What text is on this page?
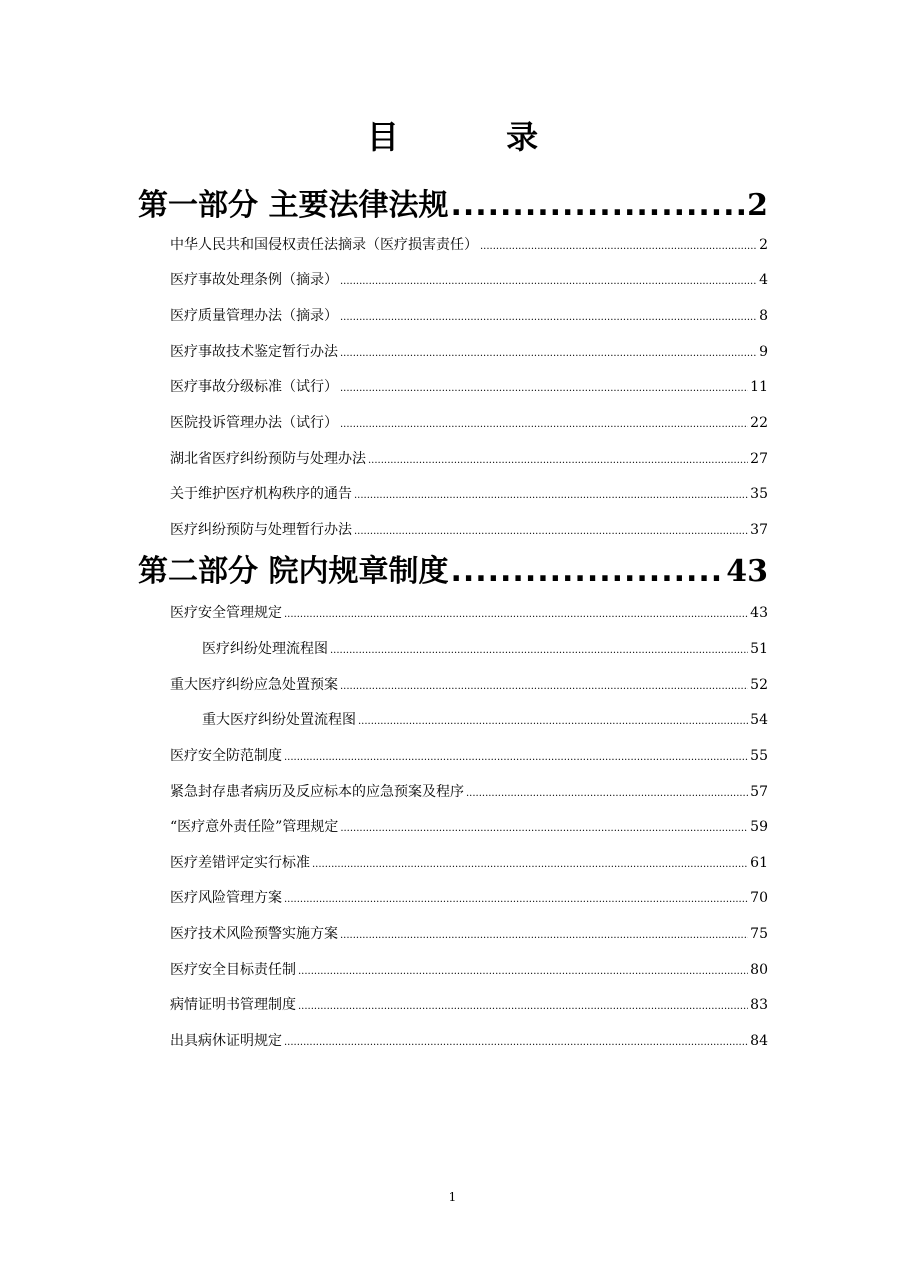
目 录
第一部分 主要法律法规 .....	2
中华人民共和国侵权责任法摘录（医疗损害责任） .....	2
医疗事故处理条例（摘录） .....	4
医疗质量管理办法（摘录） .....	8
医疗事故技术鉴定暂行办法 .....	9
医疗事故分级标准（试行） .....	11
医院投诉管理办法（试行） .....	22
湖北省医疗纠纷预防与处理办法 .....	27
关于维护医疗机构秩序的通告 .....	35
医疗纠纷预防与处理暂行办法 .....	37
第二部分 院内规章制度 .....	43
医疗安全管理规定 .....	43
医疗纠纷处理流程图 .....	51
重大医疗纠纷应急处置预案 .....	52
重大医疗纠纷处置流程图 .....	54
医疗安全防范制度 .....	55
紧急封存患者病历及反应标本的应急预案及程序 .....	57
“医疗意外责任险”管理规定 .....	59
医疗差错评定实行标准 .....	61
医疗风险管理方案 .....	70
医疗技术风险预警实施方案 .....	75
医疗安全目标责任制 .....	80
病情证明书管理制度 .....	83
出具病休证明规定 .....	84
1
